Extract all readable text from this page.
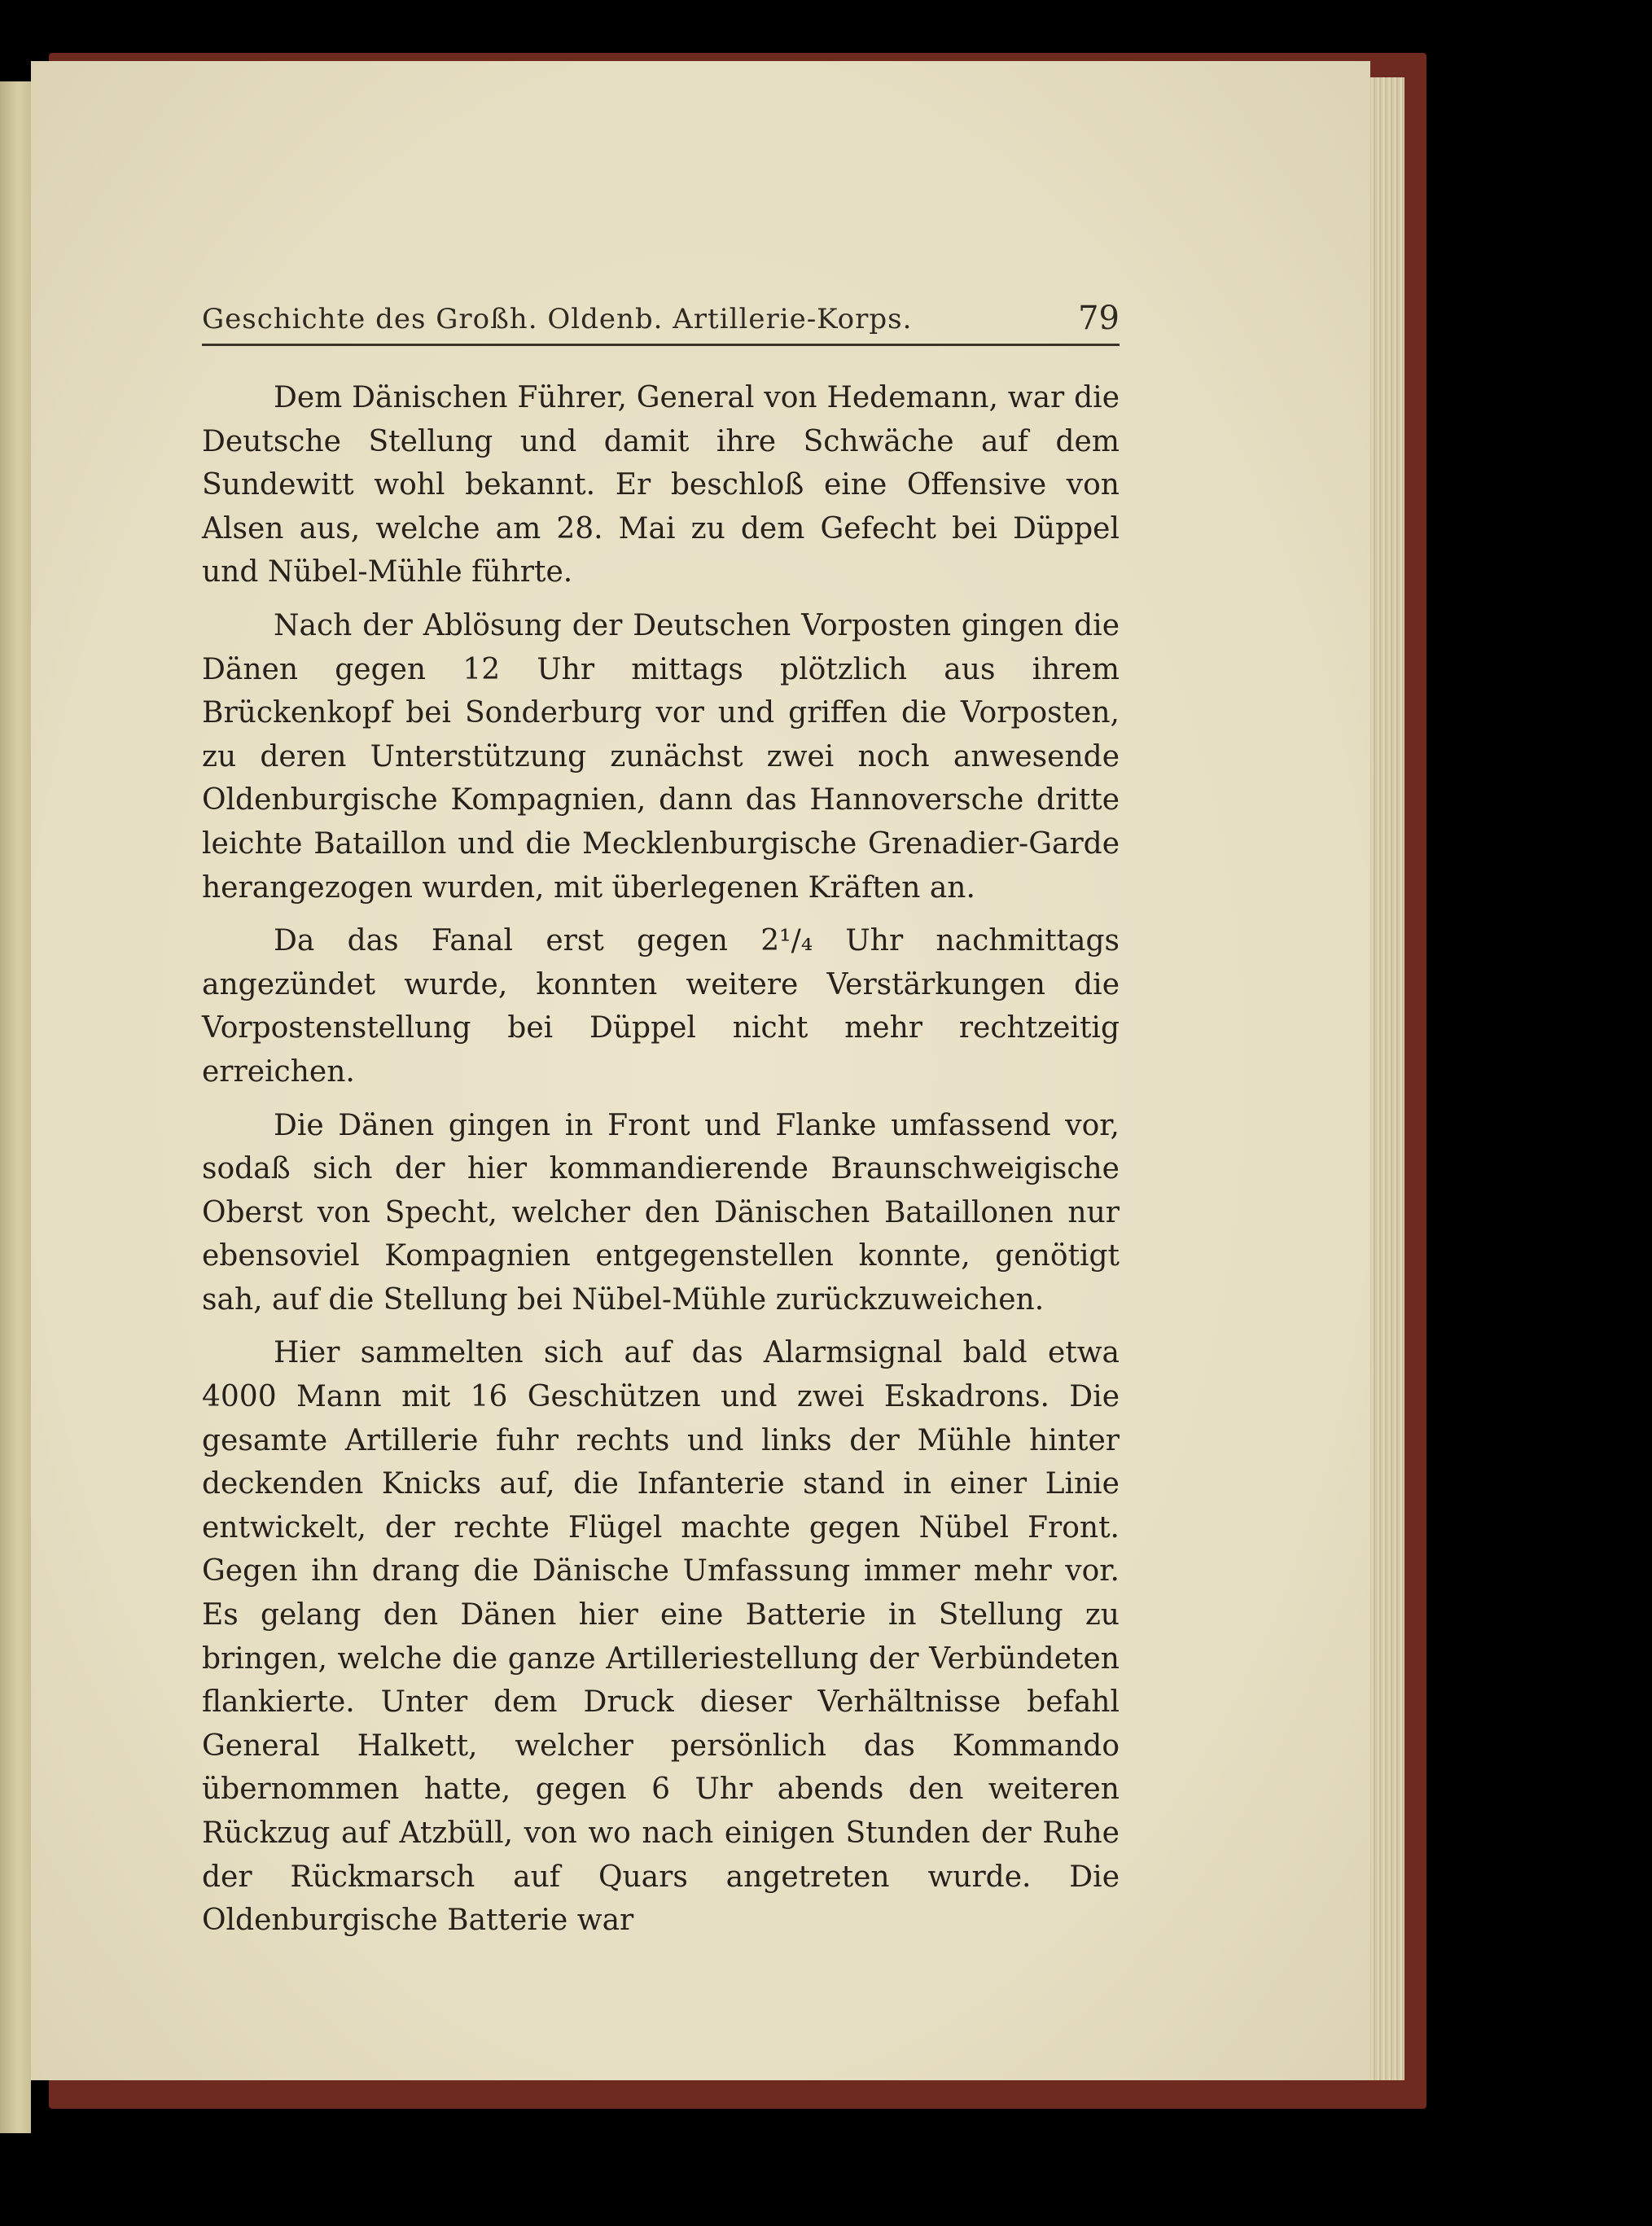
Geschichte des Großh. Oldenb. Artillerie-Korps.	79

Dem Dänischen Führer, General von Hedemann, war die Deutsche Stellung und damit ihre Schwäche auf dem Sundewitt wohl bekannt. Er beschloß eine Offensive von Alsen aus, welche am 28. Mai zu dem Gefecht bei Düppel und Nübel-Mühle führte.

Nach der Ablösung der Deutschen Vorposten gingen die Dänen gegen 12 Uhr mittags plötzlich aus ihrem Brückenkopf bei Sonderburg vor und griffen die Vorposten, zu deren Unterstützung zunächst zwei noch anwesende Oldenburgische Kompagnien, dann das Hannoversche dritte leichte Bataillon und die Mecklenburgische Grenadier-Garde herangezogen wurden, mit überlegenen Kräften an.

Da das Fanal erst gegen 2¹/₄ Uhr nachmittags angezündet wurde, konnten weitere Verstärkungen die Vorpostenstellung bei Düppel nicht mehr rechtzeitig erreichen.

Die Dänen gingen in Front und Flanke umfassend vor, sodaß sich der hier kommandierende Braunschweigische Oberst von Specht, welcher den Dänischen Bataillonen nur ebensoviel Kompagnien entgegenstellen konnte, genötigt sah, auf die Stellung bei Nübel-Mühle zurückzuweichen.

Hier sammelten sich auf das Alarmsignal bald etwa 4000 Mann mit 16 Geschützen und zwei Eskadrons. Die gesamte Artillerie fuhr rechts und links der Mühle hinter deckenden Knicks auf, die Infanterie stand in einer Linie entwickelt, der rechte Flügel machte gegen Nübel Front. Gegen ihn drang die Dänische Umfassung immer mehr vor. Es gelang den Dänen hier eine Batterie in Stellung zu bringen, welche die ganze Artilleriestellung der Verbündeten flankierte. Unter dem Druck dieser Verhältnisse befahl General Halkett, welcher persönlich das Kommando übernommen hatte, gegen 6 Uhr abends den weiteren Rückzug auf Atzbüll, von wo nach einigen Stunden der Ruhe der Rückmarsch auf Quars angetreten wurde. Die Oldenburgische Batterie war
